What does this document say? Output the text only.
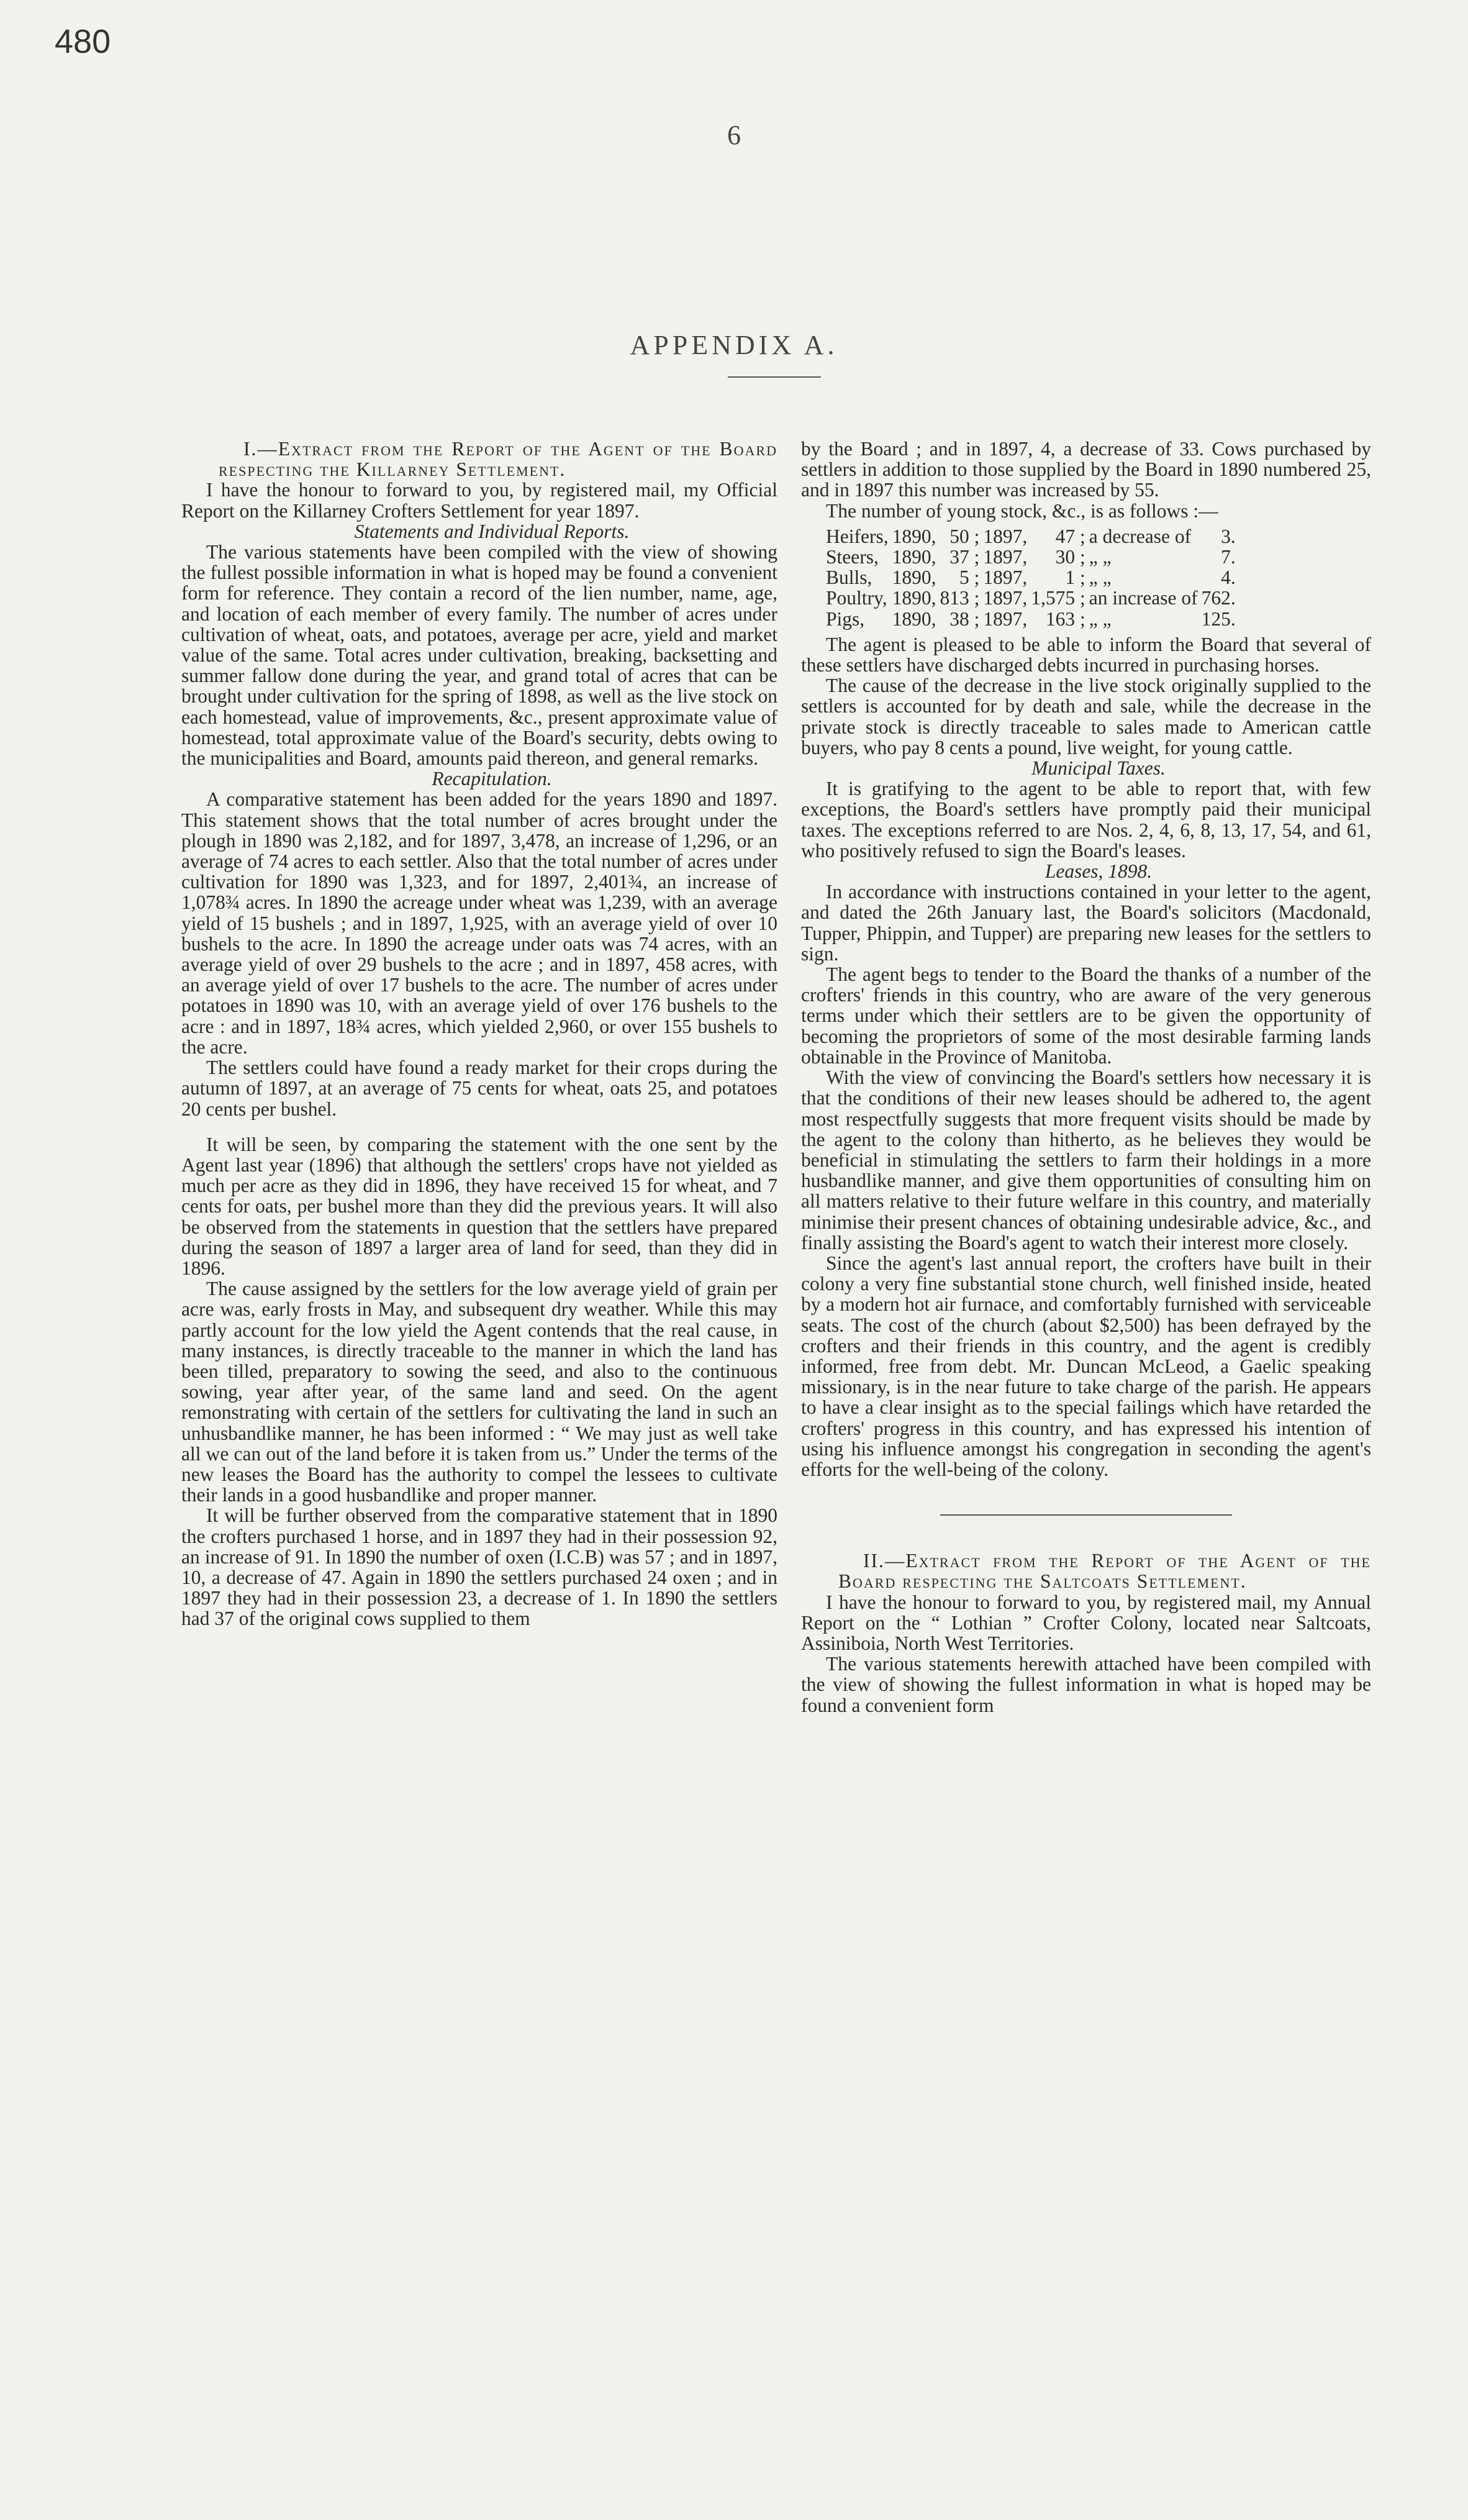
480
6
APPENDIX A.

I.—Extract from the Report of the Agent of the Board respecting the Killarney Settlement.

I have the honour to forward to you, by registered mail, my Official Report on the Killarney Crofters Settlement for year 1897.

Statements and Individual Reports.

The various statements have been compiled with the view of showing the fullest possible information in what is hoped may be found a convenient form for reference. They contain a record of the lien number, name, age, and location of each member of every family. The number of acres under cultivation of wheat, oats, and potatoes, average per acre, yield and market value of the same. Total acres under cultivation, breaking, backsetting and summer fallow done during the year, and grand total of acres that can be brought under cultivation for the spring of 1898, as well as the live stock on each homestead, value of improvements, &c., present approximate value of homestead, total approximate value of the Board's security, debts owing to the municipalities and Board, amounts paid thereon, and general remarks.

Recapitulation.

A comparative statement has been added for the years 1890 and 1897. This statement shows that the total number of acres brought under the plough in 1890 was 2,182, and for 1897, 3,478, an increase of 1,296, or an average of 74 acres to each settler. Also that the total number of acres under cultivation for 1890 was 1,323, and for 1897, 2,401¾, an increase of 1,078¾ acres. In 1890 the acreage under wheat was 1,239, with an average yield of 15 bushels ; and in 1897, 1,925, with an average yield of over 10 bushels to the acre. In 1890 the acreage under oats was 74 acres, with an average yield of over 29 bushels to the acre ; and in 1897, 458 acres, with an average yield of over 17 bushels to the acre. The number of acres under potatoes in 1890 was 10, with an average yield of over 176 bushels to the acre : and in 1897, 18¾ acres, which yielded 2,960, or over 155 bushels to the acre.

The settlers could have found a ready market for their crops during the autumn of 1897, at an average of 75 cents for wheat, oats 25, and potatoes 20 cents per bushel.

It will be seen, by comparing the statement with the one sent by the Agent last year (1896) that although the settlers' crops have not yielded as much per acre as they did in 1896, they have received 15 for wheat, and 7 cents for oats, per bushel more than they did the previous years. It will also be observed from the statements in question that the settlers have prepared during the season of 1897 a larger area of land for seed, than they did in 1896.

The cause assigned by the settlers for the low average yield of grain per acre was, early frosts in May, and subsequent dry weather. While this may partly account for the low yield the Agent contends that the real cause, in many instances, is directly traceable to the manner in which the land has been tilled, preparatory to sowing the seed, and also to the continuous sowing, year after year, of the same land and seed. On the agent remonstrating with certain of the settlers for cultivating the land in such an unhusbandlike manner, he has been informed : “ We may just as well take all we can out of the land before it is taken from us.” Under the terms of the new leases the Board has the authority to compel the lessees to cultivate their lands in a good husbandlike and proper manner.

It will be further observed from the comparative statement that in 1890 the crofters purchased 1 horse, and in 1897 they had in their possession 92, an increase of 91. In 1890 the number of oxen (I.C.B) was 57 ; and in 1897, 10, a decrease of 47. Again in 1890 the settlers purchased 24 oxen ; and in 1897 they had in their possession 23, a decrease of 1. In 1890 the settlers had 37 of the original cows supplied to them

by the Board ; and in 1897, 4, a decrease of 33. Cows purchased by settlers in addition to those supplied by the Board in 1890 numbered 25, and in 1897 this number was increased by 55.

The number of young stock, &c., is as follows :—

Heifers,	1890,	50 ;	1897,	47 ;	a decrease of	3.
Steers,	1890,	37 ;	1897,	30 ;	„ „	7.
Bulls,	1890,	5 ;	1897,	1 ;	„ „	4.
Poultry,	1890,	813 ;	1897,	1,575 ;	an increase of	762.
Pigs,	1890,	38 ;	1897,	163 ;	„ „	125.

The agent is pleased to be able to inform the Board that several of these settlers have discharged debts incurred in purchasing horses.

The cause of the decrease in the live stock originally supplied to the settlers is accounted for by death and sale, while the decrease in the private stock is directly traceable to sales made to American cattle buyers, who pay 8 cents a pound, live weight, for young cattle.

Municipal Taxes.

It is gratifying to the agent to be able to report that, with few exceptions, the Board's settlers have promptly paid their municipal taxes. The exceptions referred to are Nos. 2, 4, 6, 8, 13, 17, 54, and 61, who positively refused to sign the Board's leases.

Leases, 1898.

In accordance with instructions contained in your letter to the agent, and dated the 26th January last, the Board's solicitors (Macdonald, Tupper, Phippin, and Tupper) are preparing new leases for the settlers to sign.

The agent begs to tender to the Board the thanks of a number of the crofters' friends in this country, who are aware of the very generous terms under which their settlers are to be given the opportunity of becoming the proprietors of some of the most desirable farming lands obtainable in the Province of Manitoba.

With the view of convincing the Board's settlers how necessary it is that the conditions of their new leases should be adhered to, the agent most respectfully suggests that more frequent visits should be made by the agent to the colony than hitherto, as he believes they would be beneficial in stimulating the settlers to farm their holdings in a more husbandlike manner, and give them opportunities of consulting him on all matters relative to their future welfare in this country, and materially minimise their present chances of obtaining undesirable advice, &c., and finally assisting the Board's agent to watch their interest more closely.

Since the agent's last annual report, the crofters have built in their colony a very fine substantial stone church, well finished inside, heated by a modern hot air furnace, and comfortably furnished with serviceable seats. The cost of the church (about $2,500) has been defrayed by the crofters and their friends in this country, and the agent is credibly informed, free from debt. Mr. Duncan McLeod, a Gaelic speaking missionary, is in the near future to take charge of the parish. He appears to have a clear insight as to the special failings which have retarded the crofters' progress in this country, and has expressed his intention of using his influence amongst his congregation in seconding the agent's efforts for the well-being of the colony.

II.—Extract from the Report of the Agent of the Board respecting the Saltcoats Settlement.

I have the honour to forward to you, by registered mail, my Annual Report on the “ Lothian ” Crofter Colony, located near Saltcoats, Assiniboia, North West Territories.

The various statements herewith attached have been compiled with the view of showing the fullest information in what is hoped may be found a convenient form
